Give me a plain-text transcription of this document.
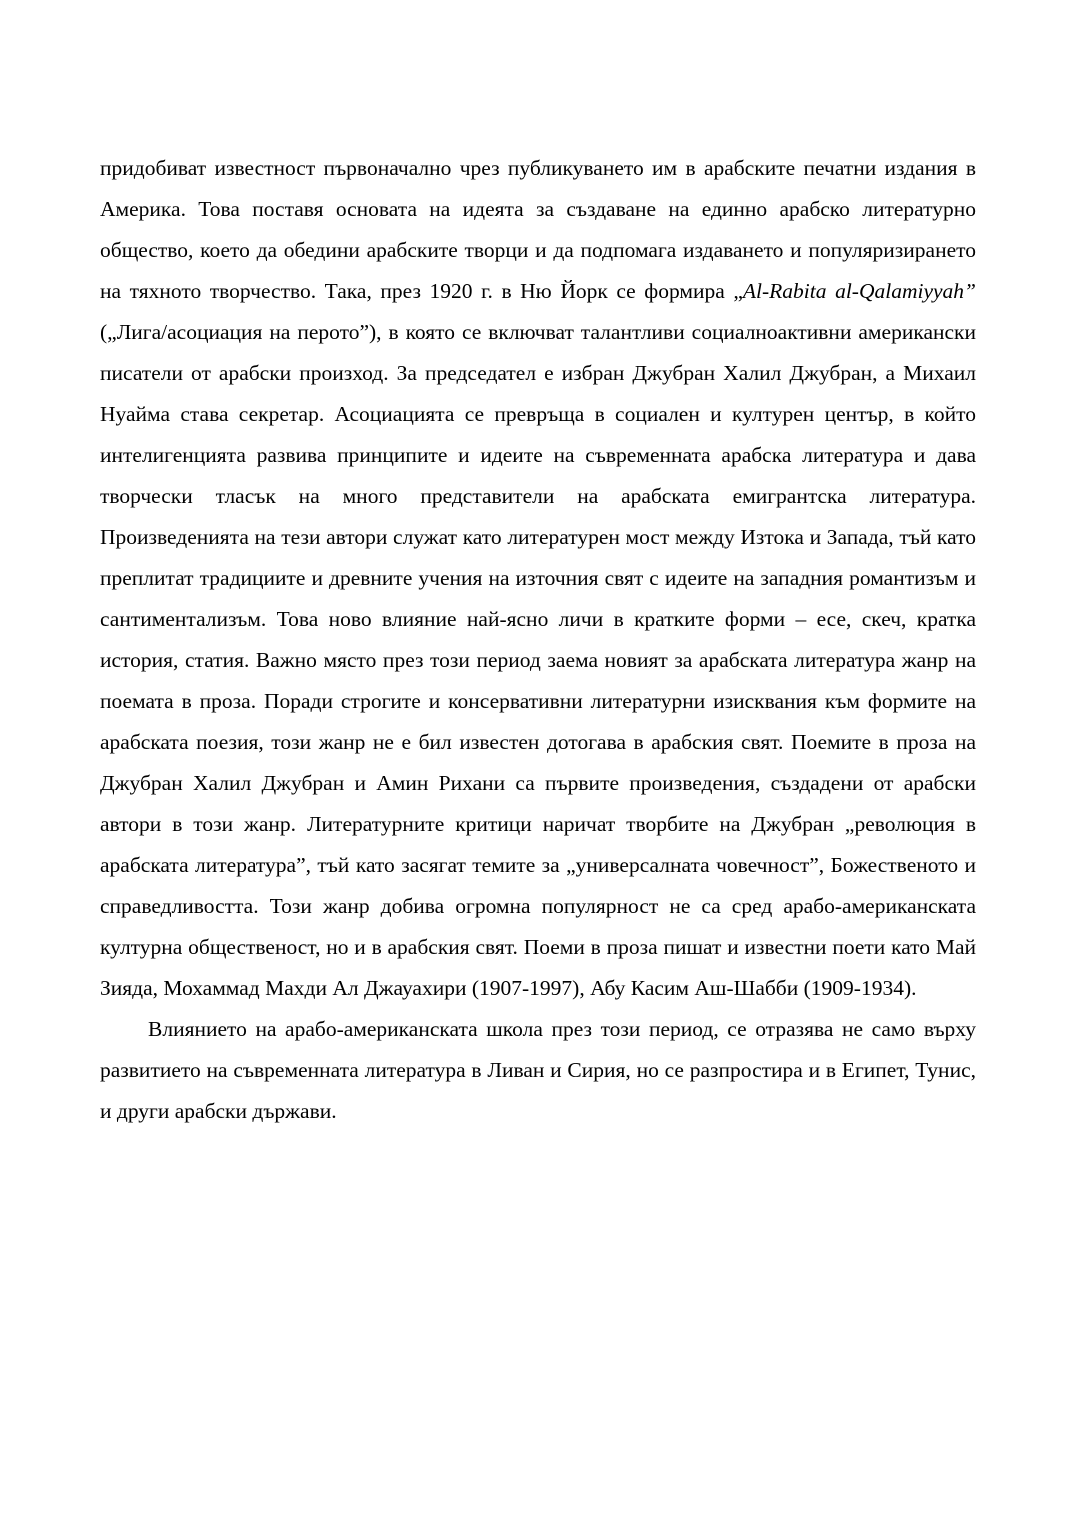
придобиват известност първоначално чрез публикуването им в арабските печатни издания в Америка. Това поставя основата на идеята за създаване на единно арабско литературно общество, което да обедини арабските творци и да подпомага издаването и популяризирането на тяхното творчество. Така, през 1920 г. в Ню Йорк се формира „Al-Rabita al-Qalamiyyah” („Лига/асоциация на перото”), в която се включват талантливи социалноактивни американски писатели от арабски произход. За председател е избран Джубран Халил Джубран, а Михаил Нуайма става секретар. Асоциацията се превръща в социален и културен център, в който интелигенцията развива принципите и идеите на съвременната арабска литература и дава творчески тласък на много представители на арабската емигрантска литература. Произведенията на тези автори служат като литературен мост между Изтока и Запада, тъй като преплитат традициите и древните учения на източния свят с идеите на западния романтизъм и сантиментализъм. Това ново влияние най-ясно личи в кратките форми – есе, скеч, кратка история, статия. Важно място през този период заема новият за арабската литература жанр на поемата в проза. Поради строгите и консервативни литературни изисквания към формите на арабската поезия, този жанр не е бил известен дотогава в арабския свят. Поемите в проза на Джубран Халил Джубран и Амин Рихани са първите произведения, създадени от арабски автори в този жанр. Литературните критици наричат творбите на Джубран „революция в арабската литература”, тъй като засягат темите за „универсалната човечност”, Божественото и справедливостта. Този жанр добива огромна популярност не са сред арабо-американската културна общественост, но и в арабския свят. Поеми в проза пишат и известни поети като Май Зияда, Мохаммад Махди Ал Джауахири (1907-1997), Абу Касим Аш-Шабби (1909-1934).

Влиянието на арабо-американската школа през този период, се отразява не само върху развитието на съвременната литература в Ливан и Сирия, но се разпростира и в Египет, Тунис, и други арабски държави.
